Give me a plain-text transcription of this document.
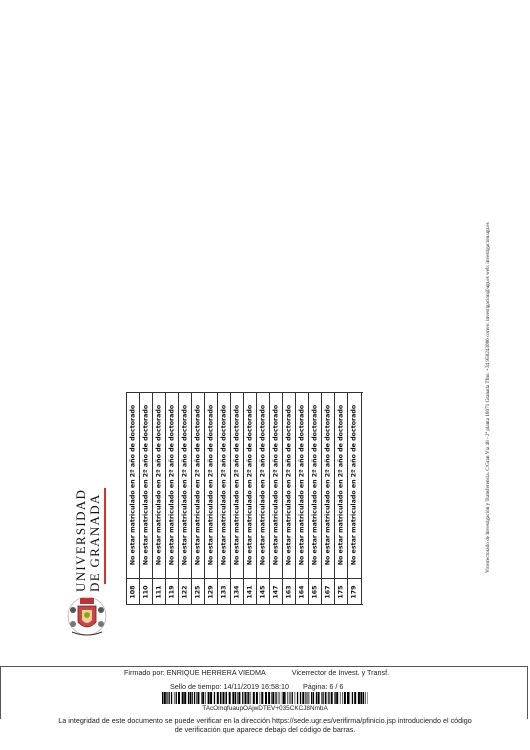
Vicerrectorado de Investigación y Transferencia. C/Gran Vía 48 - 2ª planta 18071 Granada Tfno. +34 958243086 correo: investigacion@ugr.es web: investigacion.ugr.es
UNIVERSIDAD DE GRANADA	No estar matriculado en 2º año de doctorado
108
No estar matriculado en 2º año de doctorado
110
No estar matriculado en 2º año de doctorado
111
No estar matriculado en 2º año de doctorado
119
No estar matriculado en 2º año de doctorado
122
No estar matriculado en 2º año de doctorado
125
No estar matriculado en 2º año de doctorado
129
No estar matriculado en 2º año de doctorado
133
No estar matriculado en 2º año de doctorado
134
No estar matriculado en 2º año de doctorado
141
No estar matriculado en 2º año de doctorado
145
No estar matriculado en 2º año de doctorado
147
No estar matriculado en 2º año de doctorado
163
No estar matriculado en 2º año de doctorado
164
No estar matriculado en 2º año de doctorado
165
No estar matriculado en 2º año de doctorado
167
No estar matriculado en 2º año de doctorado
175
No estar matriculado en 2º año de doctorado
179
Firmado por: ENRIQUE HERRERA VIEDMA	Vicerrector de Invest. y Transf.
Sello de tiempo: 14/11/2019 16:58:10 Página: 6 / 6
TAcOmqfuaupOAjwDTEV+035CKCJ8NmbA
La integridad de este documento se puede verificar en la dirección https://sede.ugr.es/verifirma/pfinicio.jsp introduciendo el código
de verificación que aparece debajo del código de barras.
